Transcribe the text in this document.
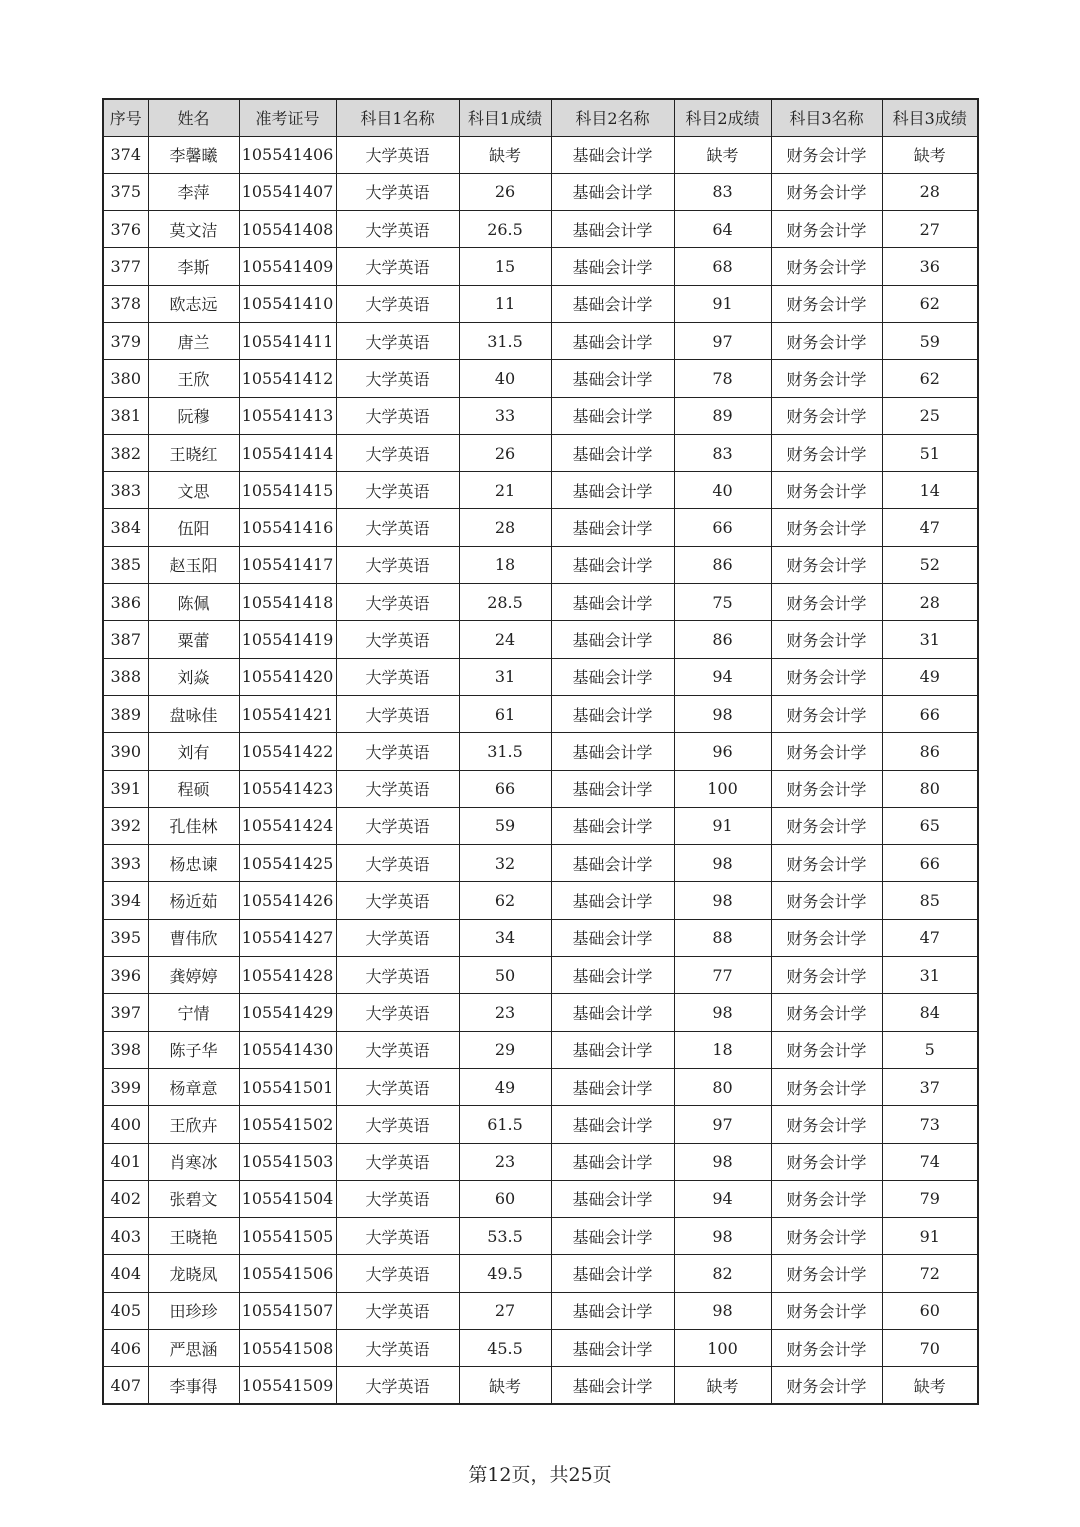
序号	姓名	准考证号	科目1名称	科目1成绩	科目2名称	科目2成绩	科目3名称	科目3成绩
374	李馨曦	105541406	大学英语	缺考	基础会计学	缺考	财务会计学	缺考
375	李萍	105541407	大学英语	26	基础会计学	83	财务会计学	28
376	莫文洁	105541408	大学英语	26.5	基础会计学	64	财务会计学	27
377	李斯	105541409	大学英语	15	基础会计学	68	财务会计学	36
378	欧志远	105541410	大学英语	11	基础会计学	91	财务会计学	62
379	唐兰	105541411	大学英语	31.5	基础会计学	97	财务会计学	59
380	王欣	105541412	大学英语	40	基础会计学	78	财务会计学	62
381	阮穆	105541413	大学英语	33	基础会计学	89	财务会计学	25
382	王晓红	105541414	大学英语	26	基础会计学	83	财务会计学	51
383	文思	105541415	大学英语	21	基础会计学	40	财务会计学	14
384	伍阳	105541416	大学英语	28	基础会计学	66	财务会计学	47
385	赵玉阳	105541417	大学英语	18	基础会计学	86	财务会计学	52
386	陈佩	105541418	大学英语	28.5	基础会计学	75	财务会计学	28
387	粟蕾	105541419	大学英语	24	基础会计学	86	财务会计学	31
388	刘焱	105541420	大学英语	31	基础会计学	94	财务会计学	49
389	盘咏佳	105541421	大学英语	61	基础会计学	98	财务会计学	66
390	刘有	105541422	大学英语	31.5	基础会计学	96	财务会计学	86
391	程硕	105541423	大学英语	66	基础会计学	100	财务会计学	80
392	孔佳林	105541424	大学英语	59	基础会计学	91	财务会计学	65
393	杨忠谏	105541425	大学英语	32	基础会计学	98	财务会计学	66
394	杨近茹	105541426	大学英语	62	基础会计学	98	财务会计学	85
395	曹伟欣	105541427	大学英语	34	基础会计学	88	财务会计学	47
396	龚婷婷	105541428	大学英语	50	基础会计学	77	财务会计学	31
397	宁情	105541429	大学英语	23	基础会计学	98	财务会计学	84
398	陈子华	105541430	大学英语	29	基础会计学	18	财务会计学	5
399	杨章意	105541501	大学英语	49	基础会计学	80	财务会计学	37
400	王欣卉	105541502	大学英语	61.5	基础会计学	97	财务会计学	73
401	肖寒冰	105541503	大学英语	23	基础会计学	98	财务会计学	74
402	张碧文	105541504	大学英语	60	基础会计学	94	财务会计学	79
403	王晓艳	105541505	大学英语	53.5	基础会计学	98	财务会计学	91
404	龙晓凤	105541506	大学英语	49.5	基础会计学	82	财务会计学	72
405	田珍珍	105541507	大学英语	27	基础会计学	98	财务会计学	60
406	严思涵	105541508	大学英语	45.5	基础会计学	100	财务会计学	70
407	李事得	105541509	大学英语	缺考	基础会计学	缺考	财务会计学	缺考
第12页，共25页
